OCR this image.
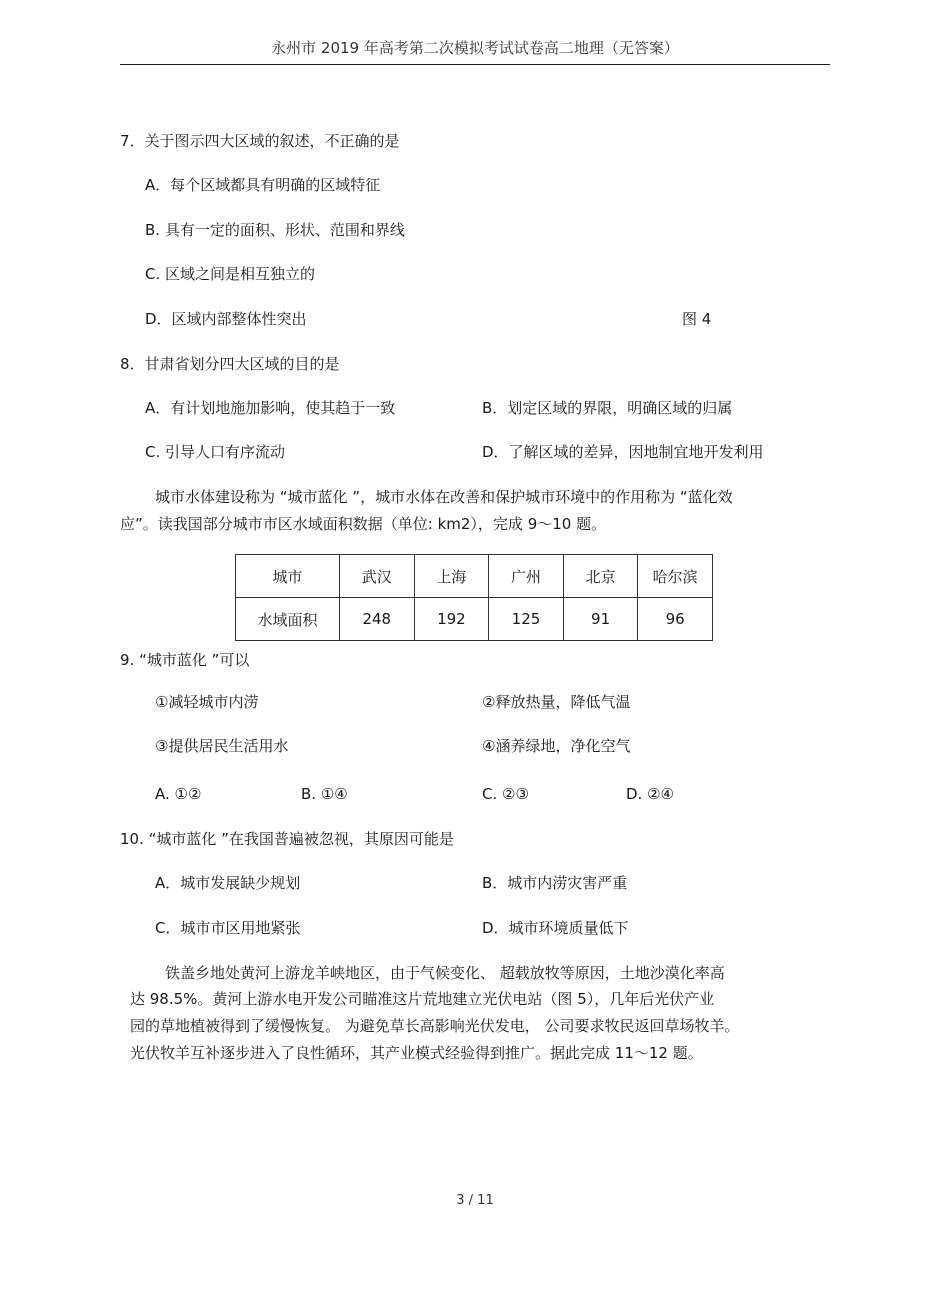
永州市 2019 年高考第二次模拟考试试卷高二地理（无答案）
7．关于图示四大区域的叙述，不正确的是
A．每个区域都具有明确的区域特征
B. 具有一定的面积、形状、范围和界线
C. 区域之间是相互独立的
D．区域内部整体性突出	图 4
8．甘肃省划分四大区域的目的是
A．有计划地施加影响，使其趋于一致	B．划定区域的界限，明确区域的归属
C. 引导人口有序流动	D．了解区域的差异，因地制宜地开发利用
城市水体建设称为 “城市蓝化 ”，城市水体在改善和保护城市环境中的作用称为 “蓝化效
应”。读我国部分城市市区水域面积数据（单位: km2），完成 9～10 题。
城市	武汉	上海	广州	北京	哈尔滨
水域面积	248	192	125	91	96
9. “城市蓝化 ”可以
①减轻城市内涝	②释放热量，降低气温
③提供居民生活用水	④涵养绿地，净化空气
A. ①②	B. ①④	C. ②③	D. ②④
10. “城市蓝化 ”在我国普遍被忽视，其原因可能是
A．城市发展缺少规划	B．城市内涝灾害严重
C．城市市区用地紧张	D．城市环境质量低下
铁盖乡地处黄河上游龙羊峡地区，由于气候变化、 超载放牧等原因，土地沙漠化率高
达 98.5%。黄河上游水电开发公司瞄准这片荒地建立光伏电站（图 5），几年后光伏产业
园的草地植被得到了缓慢恢复。 为避免草长高影响光伏发电， 公司要求牧民返回草场牧羊。
光伏牧羊互补逐步进入了良性循环，其产业模式经验得到推广。据此完成 11～12 题。
3 / 11
